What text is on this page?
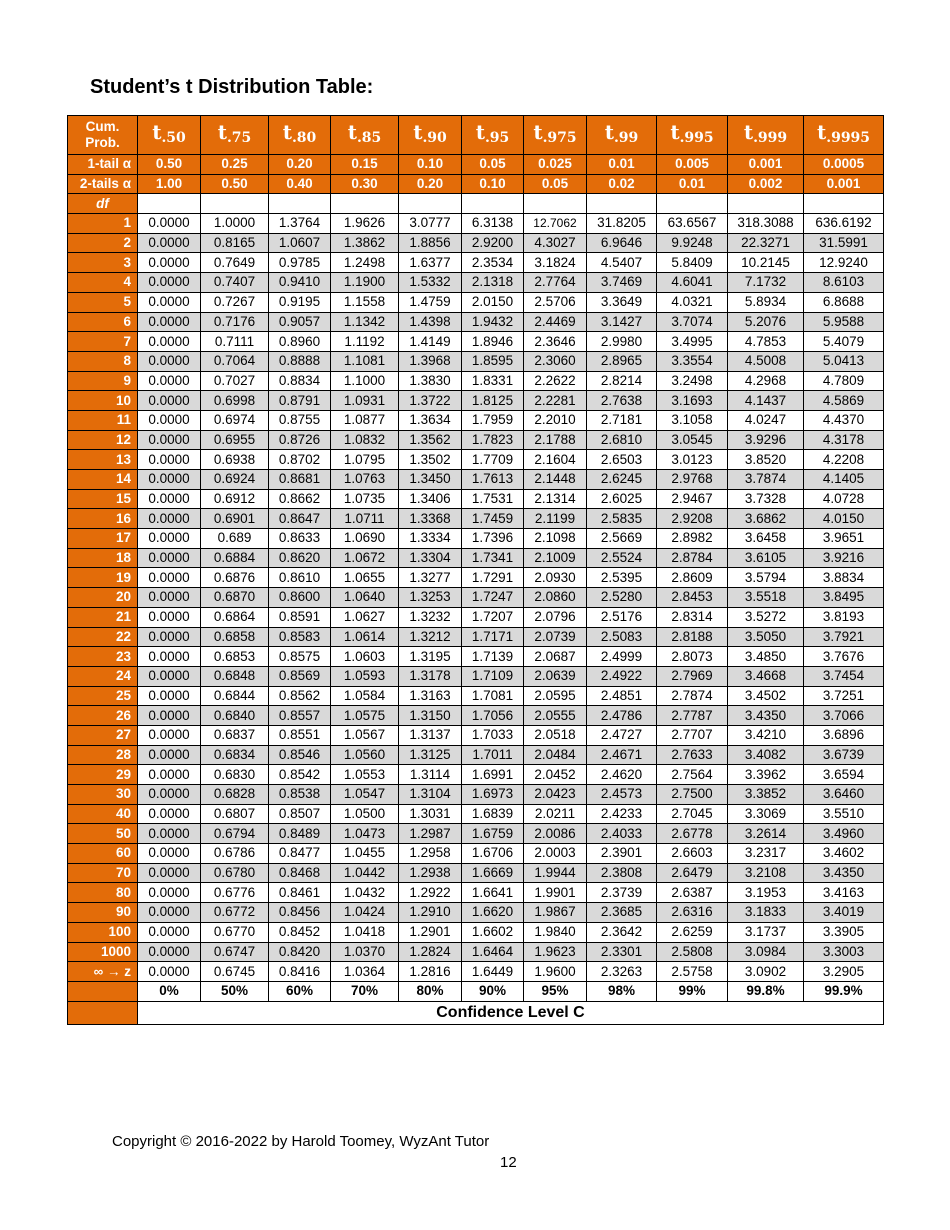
Student’s t Distribution Table:
Cum.
Prob.	$t_{.50}$	$t_{.75}$	$t_{.80}$	$t_{.85}$	$t_{.90}$	$t_{.95}$	$t_{.975}$	$t_{.99}$	$t_{.995}$	$t_{.999}$	$t_{.9995}$
1-tail α	0.50	0.25	0.20	0.15	0.10	0.05	0.025	0.01	0.005	0.001	0.0005
2-tails α	1.00	0.50	0.40	0.30	0.20	0.10	0.05	0.02	0.01	0.002	0.001
df											
1	0.0000	1.0000	1.3764	1.9626	3.0777	6.3138	12.7062	31.8205	63.6567	318.3088	636.6192
2	0.0000	0.8165	1.0607	1.3862	1.8856	2.9200	4.3027	6.9646	9.9248	22.3271	31.5991
3	0.0000	0.7649	0.9785	1.2498	1.6377	2.3534	3.1824	4.5407	5.8409	10.2145	12.9240
4	0.0000	0.7407	0.9410	1.1900	1.5332	2.1318	2.7764	3.7469	4.6041	7.1732	8.6103
5	0.0000	0.7267	0.9195	1.1558	1.4759	2.0150	2.5706	3.3649	4.0321	5.8934	6.8688
6	0.0000	0.7176	0.9057	1.1342	1.4398	1.9432	2.4469	3.1427	3.7074	5.2076	5.9588
7	0.0000	0.7111	0.8960	1.1192	1.4149	1.8946	2.3646	2.9980	3.4995	4.7853	5.4079
8	0.0000	0.7064	0.8888	1.1081	1.3968	1.8595	2.3060	2.8965	3.3554	4.5008	5.0413
9	0.0000	0.7027	0.8834	1.1000	1.3830	1.8331	2.2622	2.8214	3.2498	4.2968	4.7809
10	0.0000	0.6998	0.8791	1.0931	1.3722	1.8125	2.2281	2.7638	3.1693	4.1437	4.5869
11	0.0000	0.6974	0.8755	1.0877	1.3634	1.7959	2.2010	2.7181	3.1058	4.0247	4.4370
12	0.0000	0.6955	0.8726	1.0832	1.3562	1.7823	2.1788	2.6810	3.0545	3.9296	4.3178
13	0.0000	0.6938	0.8702	1.0795	1.3502	1.7709	2.1604	2.6503	3.0123	3.8520	4.2208
14	0.0000	0.6924	0.8681	1.0763	1.3450	1.7613	2.1448	2.6245	2.9768	3.7874	4.1405
15	0.0000	0.6912	0.8662	1.0735	1.3406	1.7531	2.1314	2.6025	2.9467	3.7328	4.0728
16	0.0000	0.6901	0.8647	1.0711	1.3368	1.7459	2.1199	2.5835	2.9208	3.6862	4.0150
17	0.0000	0.689	0.8633	1.0690	1.3334	1.7396	2.1098	2.5669	2.8982	3.6458	3.9651
18	0.0000	0.6884	0.8620	1.0672	1.3304	1.7341	2.1009	2.5524	2.8784	3.6105	3.9216
19	0.0000	0.6876	0.8610	1.0655	1.3277	1.7291	2.0930	2.5395	2.8609	3.5794	3.8834
20	0.0000	0.6870	0.8600	1.0640	1.3253	1.7247	2.0860	2.5280	2.8453	3.5518	3.8495
21	0.0000	0.6864	0.8591	1.0627	1.3232	1.7207	2.0796	2.5176	2.8314	3.5272	3.8193
22	0.0000	0.6858	0.8583	1.0614	1.3212	1.7171	2.0739	2.5083	2.8188	3.5050	3.7921
23	0.0000	0.6853	0.8575	1.0603	1.3195	1.7139	2.0687	2.4999	2.8073	3.4850	3.7676
24	0.0000	0.6848	0.8569	1.0593	1.3178	1.7109	2.0639	2.4922	2.7969	3.4668	3.7454
25	0.0000	0.6844	0.8562	1.0584	1.3163	1.7081	2.0595	2.4851	2.7874	3.4502	3.7251
26	0.0000	0.6840	0.8557	1.0575	1.3150	1.7056	2.0555	2.4786	2.7787	3.4350	3.7066
27	0.0000	0.6837	0.8551	1.0567	1.3137	1.7033	2.0518	2.4727	2.7707	3.4210	3.6896
28	0.0000	0.6834	0.8546	1.0560	1.3125	1.7011	2.0484	2.4671	2.7633	3.4082	3.6739
29	0.0000	0.6830	0.8542	1.0553	1.3114	1.6991	2.0452	2.4620	2.7564	3.3962	3.6594
30	0.0000	0.6828	0.8538	1.0547	1.3104	1.6973	2.0423	2.4573	2.7500	3.3852	3.6460
40	0.0000	0.6807	0.8507	1.0500	1.3031	1.6839	2.0211	2.4233	2.7045	3.3069	3.5510
50	0.0000	0.6794	0.8489	1.0473	1.2987	1.6759	2.0086	2.4033	2.6778	3.2614	3.4960
60	0.0000	0.6786	0.8477	1.0455	1.2958	1.6706	2.0003	2.3901	2.6603	3.2317	3.4602
70	0.0000	0.6780	0.8468	1.0442	1.2938	1.6669	1.9944	2.3808	2.6479	3.2108	3.4350
80	0.0000	0.6776	0.8461	1.0432	1.2922	1.6641	1.9901	2.3739	2.6387	3.1953	3.4163
90	0.0000	0.6772	0.8456	1.0424	1.2910	1.6620	1.9867	2.3685	2.6316	3.1833	3.4019
100	0.0000	0.6770	0.8452	1.0418	1.2901	1.6602	1.9840	2.3642	2.6259	3.1737	3.3905
1000	0.0000	0.6747	0.8420	1.0370	1.2824	1.6464	1.9623	2.3301	2.5808	3.0984	3.3003
∞ → z	0.0000	0.6745	0.8416	1.0364	1.2816	1.6449	1.9600	2.3263	2.5758	3.0902	3.2905
	0%	50%	60%	70%	80%	90%	95%	98%	99%	99.8%	99.9%
	Confidence Level C										
Copyright © 2016-2022 by Harold Toomey, WyzAnt Tutor
12
